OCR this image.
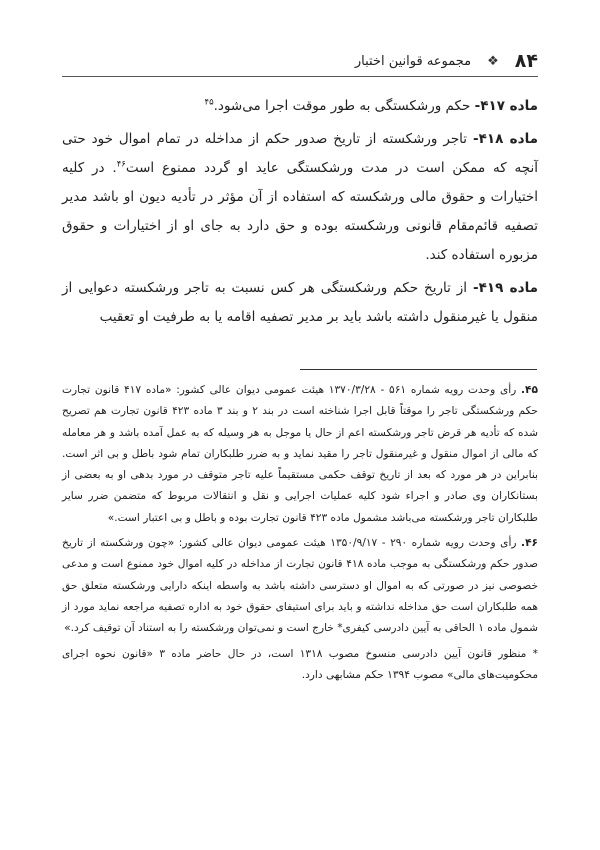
۸۴
❖
مجموعه قوانین اختبار

ماده ۴۱۷- حکم ورشکستگی به طور موقت اجرا می‌شود.$^{۴۵}$

ماده ۴۱۸- تاجر ورشکسته از تاریخ صدور حکم از مداخله در تمام اموال خود حتی آنچه که ممکن است در مدت ورشکستگی عاید او گردد ممنوع است$^{۴۶}$. در کلیه اختیارات و حقوق مالی ورشکسته که استفاده از آن مؤثر در تأدیه دیون او باشد مدیر تصفیه قائم‌مقام قانونی ورشکسته بوده و حق دارد به جای او از اختیارات و حقوق مزبوره استفاده کند.

ماده ۴۱۹- از تاریخ حکم ورشکستگی هر کس نسبت به تاجر ورشکسته دعوایی از منقول یا غیرمنقول داشته باشد باید بر مدیر تصفیه اقامه یا به طرفیت او تعقیب

۴۵. رأی وحدت رویه شماره ۵۶۱ - ۱۳۷۰/۳/۲۸ هیئت عمومی دیوان عالی کشور: «ماده ۴۱۷ قانون تجارت حکم ورشکستگی تاجر را موقتاً قابل اجرا شناخته است در بند ۲ و بند ۳ ماده ۴۲۳ قانون تجارت هم تصریح شده که تأدیه هر قرض تاجر ورشکسته اعم از حال یا موجل به هر وسیله که به عمل آمده باشد و هر معامله که مالی از اموال منقول و غیرمنقول تاجر را مقید نماید و به ضرر طلبکاران تمام شود باطل و بی اثر است. بنابراین در هر مورد که بعد از تاریخ توقف حکمی مستقیماً علیه تاجر متوقف در مورد بدهی او به بعضی از بستانکاران وی صادر و اجراء شود کلیه عملیات اجرایی و نقل و انتقالات مربوط که متضمن ضرر سایر طلبکاران تاجر ورشکسته می‌باشد مشمول ماده ۴۲۳ قانون تجارت بوده و باطل و بی اعتبار است.»

۴۶. رأی وحدت رویه شماره ۲۹۰ - ۱۳۵۰/۹/۱۷ هیئت عمومی دیوان عالی کشور: «چون ورشکسته از تاریخ صدور حکم ورشکستگی به موجب ماده ۴۱۸ قانون تجارت از مداخله در کلیه اموال خود ممنوع است و مدعی خصوصی نیز در صورتی که به اموال او دسترسی داشته باشد به واسطه اینکه دارایی ورشکسته متعلق حق همه طلبکاران است حق مداخله نداشته و باید برای استیفای حقوق خود به اداره تصفیه مراجعه نماید مورد از شمول ماده ۱ الحاقی به آیین دادرسی کیفری* خارج است و نمی‌توان ورشکسته را به استناد آن توقیف کرد.»

* منظور قانون آیین دادرسی منسوخ مصوب ۱۳۱۸ است، در حال حاضر ماده ۳ «قانون نحوه اجرای محکومیت‌های مالی» مصوب ۱۳۹۴ حکم مشابهی دارد.
